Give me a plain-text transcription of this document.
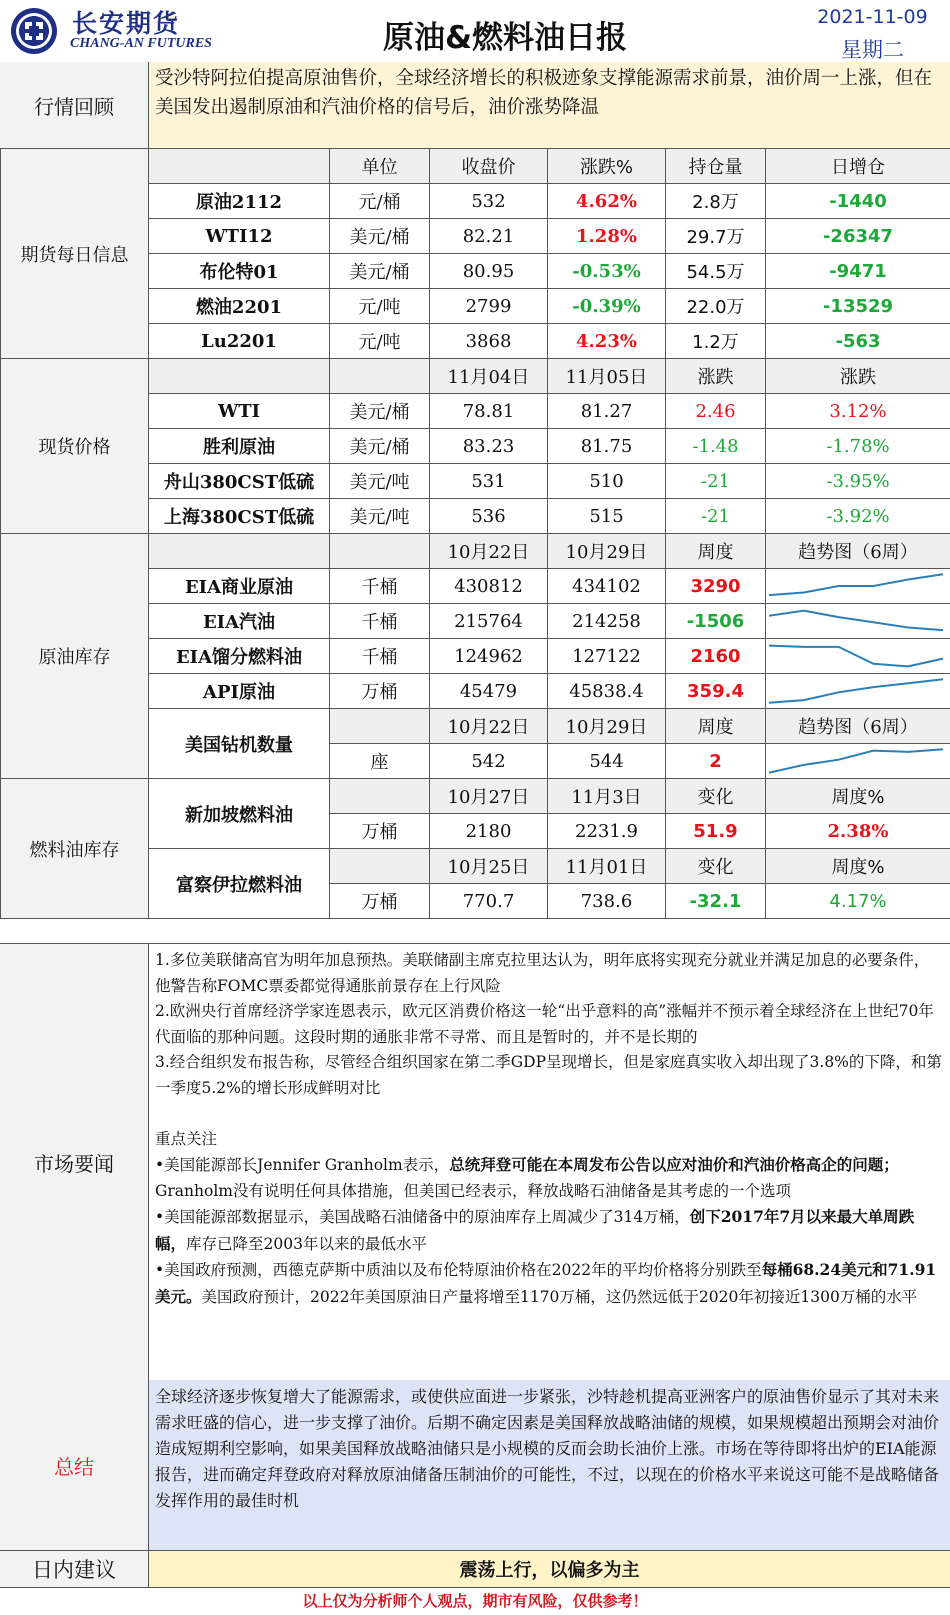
长安期货
CHANG-AN FUTURES	原油&燃料油日报
2021-11-09
星期二
行情回顾
受沙特阿拉伯提高原油售价，全球经济增长的积极迹象支撑能源需求前景，油价周一上涨，但在美国发出遏制原油和汽油价格的信号后，油价涨势降温
期货每日信息		单位	收盘价	涨跌%	持仓量	日增仓
	原油2112	元/桶	532	4.62%	2.8万	-1440
	WTI12	美元/桶	82.21	1.28%	29.7万	-26347
	布伦特01	美元/桶	80.95	-0.53%	54.5万	-9471
	燃油2201	元/吨	2799	-0.39%	22.0万	-13529
	Lu2201	元/吨	3868	4.23%	1.2万	-563
现货价格			11月04日	11月05日	涨跌	涨跌
	WTI	美元/桶	78.81	81.27	2.46	3.12%
	胜利原油	美元/桶	83.23	81.75	-1.48	-1.78%
	舟山380CST低硫	美元/吨	531	510	-21	-3.95%
	上海380CST低硫	美元/吨	536	515	-21	-3.92%
原油库存			10月22日	10月29日	周度	趋势图（6周）
	EIA商业原油	千桶	430812	434102	3290	

	EIA汽油	千桶	215764	214258	-1506	

	EIA馏分燃料油	千桶	124962	127122	2160	

	API原油	万桶	45479	45838.4	359.4	

	美国钻机数量		10月22日	10月29日	周度	趋势图（6周）
		座	542	544	2	

燃料油库存	新加坡燃料油		10月27日	11月3日	变化	周度%
		万桶	2180	2231.9	51.9	2.38%
	富察伊拉燃料油		10月25日	11月01日	变化	周度%
		万桶	770.7	738.6	-32.1	4.17%
市场要闻

1.多位美联储高官为明年加息预热。美联储副主席克拉里达认为，明年底将实现充分就业并满足加息的必要条件，他警告称FOMC票委都觉得通胀前景存在上行风险

2.欧洲央行首席经济学家连恩表示，欧元区消费价格这一轮“出乎意料的高”涨幅并不预示着全球经济在上世纪70年代面临的那种问题。这段时期的通胀非常不寻常、而且是暂时的，并不是长期的

3.经合组织发布报告称，尽管经合组织国家在第二季GDP呈现增长，但是家庭真实收入却出现了3.8%的下降，和第一季度5.2%的增长形成鲜明对比

重点关注

•美国能源部长Jennifer Granholm表示，总统拜登可能在本周发布公告以应对油价和汽油价格高企的问题；Granholm没有说明任何具体措施，但美国已经表示，释放战略石油储备是其考虑的一个选项

•美国能源部数据显示，美国战略石油储备中的原油库存上周减少了314万桶，创下2017年7月以来最大单周跌幅，库存已降至2003年以来的最低水平

•美国政府预测，西德克萨斯中质油以及布伦特原油价格在2022年的平均价格将分别跌至每桶68.24美元和71.91美元。美国政府预计，2022年美国原油日产量将增至1170万桶，这仍然远低于2020年初接近1300万桶的水平

总结
全球经济逐步恢复增大了能源需求，或使供应面进一步紧张，沙特趁机提高亚洲客户的原油售价显示了其对未来需求旺盛的信心，进一步支撑了油价。后期不确定因素是美国释放战略油储的规模，如果规模超出预期会对油价造成短期利空影响，如果美国释放战略油储只是小规模的反而会助长油价上涨。市场在等待即将出炉的EIA能源报告，进而确定拜登政府对释放原油储备压制油价的可能性，不过，以现在的价格水平来说这可能不是战略储备发挥作用的最佳时机
日内建议	震荡上行，以偏多为主
以上仅为分析师个人观点，期市有风险，仅供参考！
